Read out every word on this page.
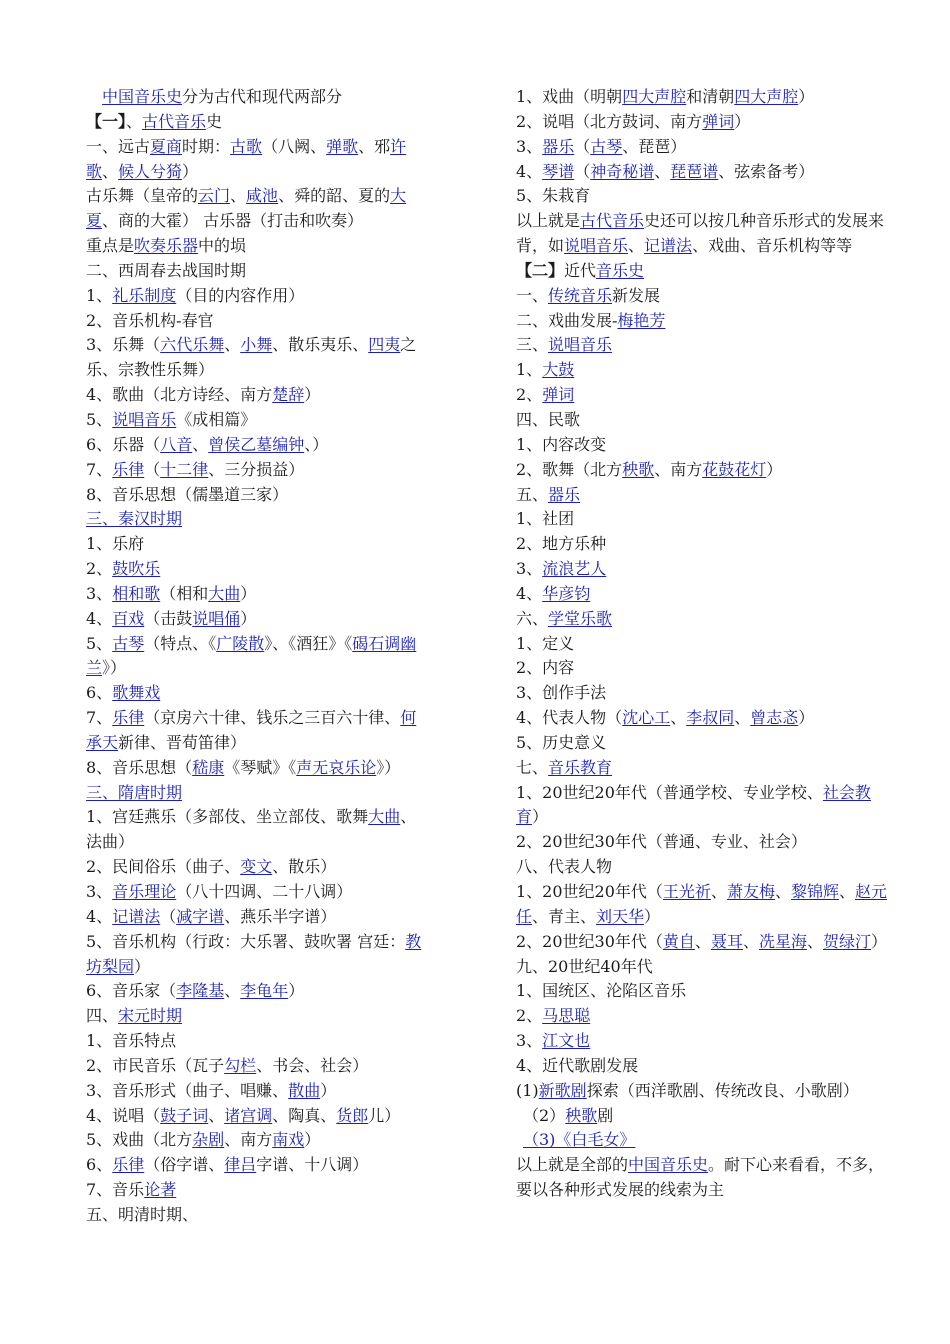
中国音乐史分为古代和现代两部分
【一】、古代音乐史
一、远古夏商时期：古歌（八阙、弹歌、邪许歌、候人兮猗）
古乐舞（皇帝的云门、咸池、舜的韶、夏的大夏、商的大霍） 古乐器（打击和吹奏）
重点是吹奏乐器中的埙
二、西周春去战国时期
1、礼乐制度（目的内容作用）
2、音乐机构-春官
3、乐舞（六代乐舞、小舞、散乐夷乐、四夷之乐、宗教性乐舞）
4、歌曲（北方诗经、南方楚辞）
5、说唱音乐《成相篇》
6、乐器（八音、曾侯乙墓编钟、）
7、乐律（十二律、三分损益）
8、音乐思想（儒墨道三家）
三、秦汉时期
1、乐府
2、鼓吹乐
3、相和歌（相和大曲）
4、百戏（击鼓说唱俑）
5、古琴（特点、《广陵散》、《酒狂》《碣石调幽兰》）
6、歌舞戏
7、乐律（京房六十律、钱乐之三百六十律、何承天新律、晋荀笛律）
8、音乐思想（嵇康《琴赋》《声无哀乐论》）
三、隋唐时期
1、宫廷燕乐（多部伎、坐立部伎、歌舞大曲、法曲）
2、民间俗乐（曲子、变文、散乐）
3、音乐理论（八十四调、二十八调）
4、记谱法（减字谱、燕乐半字谱）
5、音乐机构（行政：大乐署、鼓吹署 宫廷：教坊梨园）
6、音乐家（李隆基、李龟年）
四、宋元时期
1、音乐特点
2、市民音乐（瓦子勾栏、书会、社会）
3、音乐形式（曲子、唱赚、散曲）
4、说唱（鼓子词、诸宫调、陶真、货郎儿）
5、戏曲（北方杂剧、南方南戏）
6、乐律（俗字谱、律吕字谱、十八调）
7、音乐论著
五、明清时期、
1、戏曲（明朝四大声腔和清朝四大声腔）
2、说唱（北方鼓词、南方弹词）
3、器乐（古琴、琵琶）
4、琴谱（神奇秘谱、琵琶谱、弦索备考）
5、朱栽育
以上就是古代音乐史还可以按几种音乐形式的发展来背，如说唱音乐、记谱法、戏曲、音乐机构等等
【二】近代音乐史
一、传统音乐新发展
二、戏曲发展-梅艳芳
三、说唱音乐
1、大鼓
2、弹词
四、民歌
1、内容改变
2、歌舞（北方秧歌、南方花鼓花灯）
五、器乐
1、社团
2、地方乐种
3、流浪艺人
4、华彦钧
六、学堂乐歌
1、定义
2、内容
3、创作手法
4、代表人物（沈心工、李叔同、曾志忞）
5、历史意义
七、音乐教育
1、20世纪20年代（普通学校、专业学校、社会教育）
2、20世纪30年代（普通、专业、社会）
八、代表人物
1、20世纪20年代（王光祈、萧友梅、黎锦辉、赵元任、青主、刘天华）
2、20世纪30年代（黄自、聂耳、冼星海、贺绿汀）
九、20世纪40年代
1、国统区、沦陷区音乐
2、马思聪
3、江文也
4、近代歌剧发展
(1)新歌剧探索（西洋歌剧、传统改良、小歌剧）
（2）秧歌剧
（3)《白毛女》
以上就是全部的中国音乐史。耐下心来看看，不多，要以各种形式发展的线索为主
